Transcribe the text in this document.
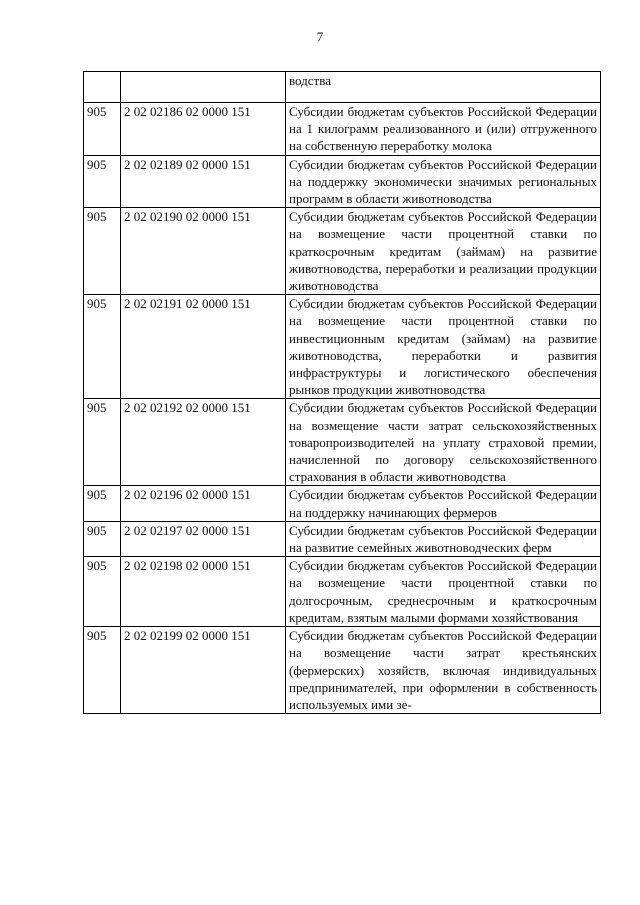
7
		водства
905	2 02 02186 02 0000 151	Субсидии бюджетам субъектов Российской Федерации на 1 килограмм реализованного и (или) отгруженного на собственную переработку молока
905	2 02 02189 02 0000 151	Субсидии бюджетам субъектов Российской Федерации на поддержку экономически значимых региональных программ в области животноводства
905	2 02 02190 02 0000 151	Субсидии бюджетам субъектов Российской Федерации на возмещение части процентной ставки по краткосрочным кредитам (займам) на развитие животноводства, переработки и реализации продукции животноводства
905	2 02 02191 02 0000 151	Субсидии бюджетам субъектов Российской Федерации на возмещение части процентной ставки по инвестиционным кредитам (займам) на развитие животноводства, переработки и развития инфраструктуры и логистического обеспечения рынков продукции животноводства
905	2 02 02192 02 0000 151	Субсидии бюджетам субъектов Российской Федерации на возмещение части затрат сельскохозяйственных товаропроизводителей на уплату страховой премии, начисленной по договору сельскохозяйственного страхования в области животноводства
905	2 02 02196 02 0000 151	Субсидии бюджетам субъектов Российской Федерации на поддержку начинающих фермеров
905	2 02 02197 02 0000 151	Субсидии бюджетам субъектов Российской Федерации на развитие семейных животноводческих ферм
905	2 02 02198 02 0000 151	Субсидии бюджетам субъектов Российской Федерации на возмещение части процентной ставки по долгосрочным, среднесрочным и краткосрочным кредитам, взятым малыми формами хозяйствования
905	2 02 02199 02 0000 151	Субсидии бюджетам субъектов Российской Федерации на возмещение части затрат крестьянских (фермерских) хозяйств, включая индивидуальных предпринимателей, при оформлении в собственность используемых ими зе-
